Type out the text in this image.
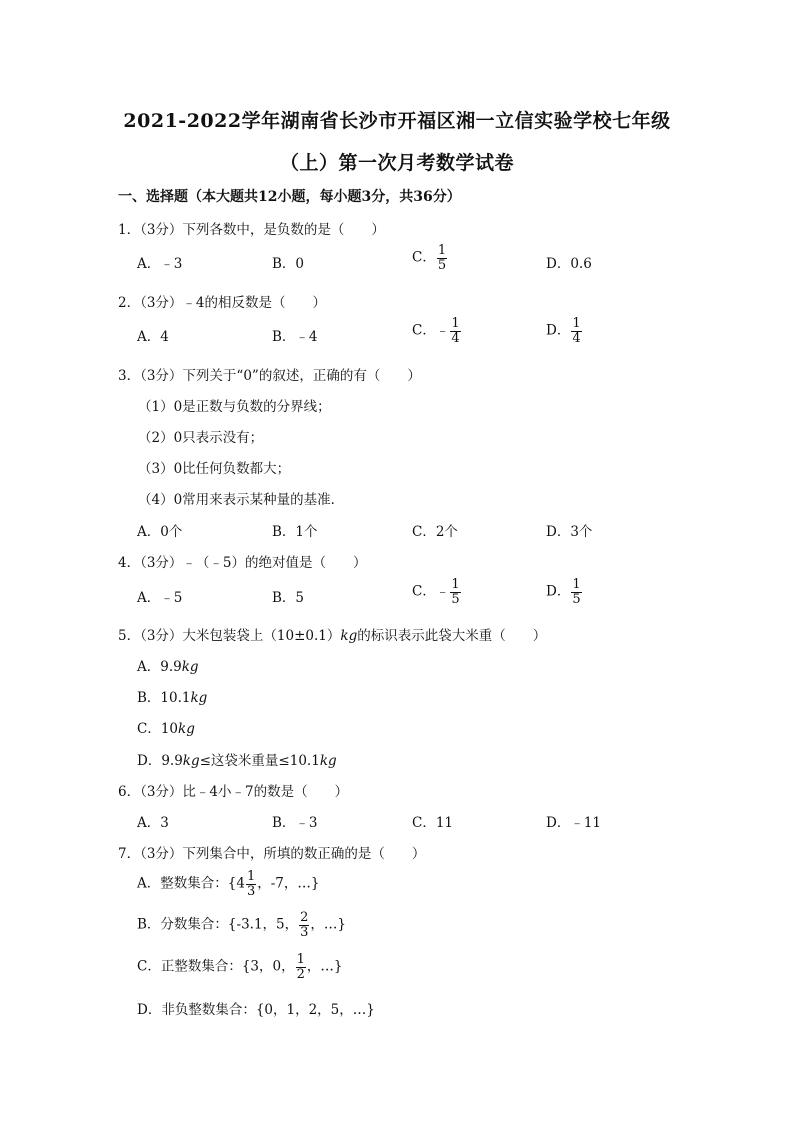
2021-2022学年湖南省长沙市开福区湘一立信实验学校七年级
（上）第一次月考数学试卷
一、选择题（本大题共12小题，每小题3分，共36分）
1．（3分）下列各数中，是负数的是（　　）
A．﹣3	B．0	C． $\frac{1}{5}$	D．0.6
2．（3分）﹣4的相反数是（　　）
A．4	B．﹣4	C．﹣ $\frac{1}{4}$	D． $\frac{1}{4}$
3．（3分）下列关于“0”的叙述，正确的有（　　）
（1）0是正数与负数的分界线；
（2）0只表示没有；
（3）0比任何负数都大；
（4）0常用来表示某种量的基准．
A．0个	B．1个	C．2个	D．3个
4．（3分）﹣（﹣5）的绝对值是（　　）
A．﹣5	B．5	C．﹣ $\frac{1}{5}$	D． $\frac{1}{5}$
5．（3分）大米包装袋上（10±0.1）kg的标识表示此袋大米重（　　）
A．9.9kg
B．10.1kg
C．10kg
D．9.9kg≤这袋米重量≤10.1kg
6．（3分）比﹣4小﹣7的数是（　　）
A．3	B．﹣3	C．11	D．﹣11
7．（3分）下列集合中，所填的数正确的是（　　）
A．整数集合：{$4 \frac{1}{3}$ ，-7，…}
B．分数集合：{-3.1，5， $\frac{2}{3}$ ，…}
C．正整数集合：{3，0， $\frac{1}{2}$ ，…}
D．非负整数集合：{0，1，2，5，…}
